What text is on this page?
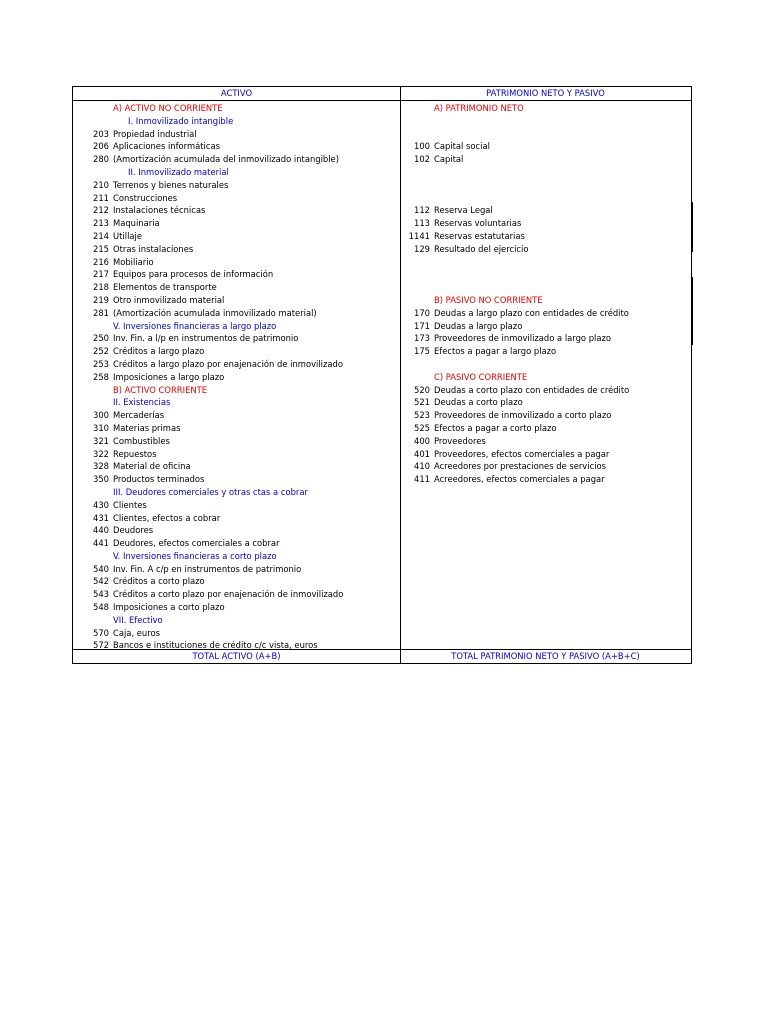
ACTIVO
A) ACTIVO NO CORRIENTE
I. Inmovilizado intangible
203 Propiedad industrial
206 Aplicaciones informáticas
280 (Amortización acumulada del inmovilizado intangible)
II. Inmovilizado material
210 Terrenos y bienes naturales
211 Construcciones
212 Instalaciones técnicas
213 Maquinaria
214 Utillaje
215 Otras instalaciones
216 Mobiliario
217 Equipos para procesos de información
218 Elementos de transporte
219 Otro inmovilizado material
281 (Amortización acumulada inmovilizado material)
V. Inversiones financieras a largo plazo
250 Inv. Fin. a l/p en instrumentos de patrimonio
252 Créditos a largo plazo
253 Créditos a largo plazo por enajenación de inmovilizado
258 Imposiciones a largo plazo
B) ACTIVO CORRIENTE
II. Existencias
300 Mercaderías
310 Materias primas
321 Combustibles
322 Repuestos
328 Material de oficina
350 Productos terminados
III. Deudores comerciales y otras ctas a cobrar
430 Clientes
431 Clientes, efectos a cobrar
440 Deudores
441 Deudores, efectos comerciales a cobrar
V. Inversiones financieras a corto plazo
540 Inv. Fin. A c/p en instrumentos de patrimonio
542 Créditos a corto plazo
543 Créditos a corto plazo por enajenación de inmovilizado
548 Imposiciones a corto plazo
VII. Efectivo
570 Caja, euros
572 Bancos e instituciones de crédito c/c vista, euros
TOTAL ACTIVO (A+B)
PATRIMONIO NETO Y PASIVO
A) PATRIMONIO NETO
100 Capital social
102 Capital
112 Reserva Legal
113 Reservas voluntarias
1141 Reservas estatutarias
129 Resultado del ejercicio
B) PASIVO NO CORRIENTE
170 Deudas a largo plazo con entidades de crédito
171 Deudas a largo plazo
173 Proveedores de inmovilizado a largo plazo
175 Efectos a pagar a largo plazo
C) PASIVO CORRIENTE
520 Deudas a corto plazo con entidades de crédito
521 Deudas a corto plazo
523 Proveedores de inmovilizado a corto plazo
525 Efectos a pagar a corto plazo
400 Proveedores
401 Proveedores, efectos comerciales a pagar
410 Acreedores por prestaciones de servicios
411 Acreedores, efectos comerciales a pagar
TOTAL PATRIMONIO NETO Y PASIVO (A+B+C)
